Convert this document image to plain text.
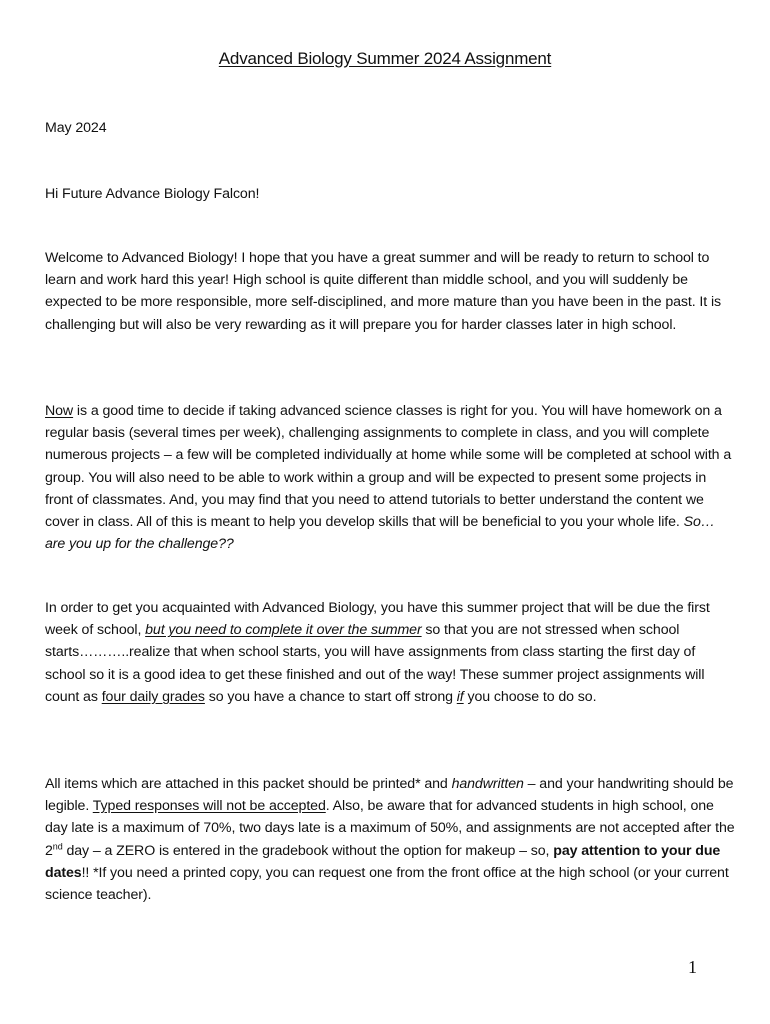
Advanced Biology Summer 2024 Assignment
May 2024
Hi Future Advance Biology Falcon!
Welcome to Advanced Biology! I hope that you have a great summer and will be ready to return to school to learn and work hard this year! High school is quite different than middle school, and you will suddenly be expected to be more responsible, more self-disciplined, and more mature than you have been in the past. It is challenging but will also be very rewarding as it will prepare you for harder classes later in high school.
Now is a good time to decide if taking advanced science classes is right for you. You will have homework on a regular basis (several times per week), challenging assignments to complete in class, and you will complete numerous projects – a few will be completed individually at home while some will be completed at school with a group. You will also need to be able to work within a group and will be expected to present some projects in front of classmates. And, you may find that you need to attend tutorials to better understand the content we cover in class. All of this is meant to help you develop skills that will be beneficial to you your whole life. So…are you up for the challenge??
In order to get you acquainted with Advanced Biology, you have this summer project that will be due the first week of school, but you need to complete it over the summer so that you are not stressed when school starts………..realize that when school starts, you will have assignments from class starting the first day of school so it is a good idea to get these finished and out of the way! These summer project assignments will count as four daily grades so you have a chance to start off strong if you choose to do so.
All items which are attached in this packet should be printed* and handwritten – and your handwriting should be legible. Typed responses will not be accepted. Also, be aware that for advanced students in high school, one day late is a maximum of 70%, two days late is a maximum of 50%, and assignments are not accepted after the 2nd day – a ZERO is entered in the gradebook without the option for makeup – so, pay attention to your due dates!! *If you need a printed copy, you can request one from the front office at the high school (or your current science teacher).
1
